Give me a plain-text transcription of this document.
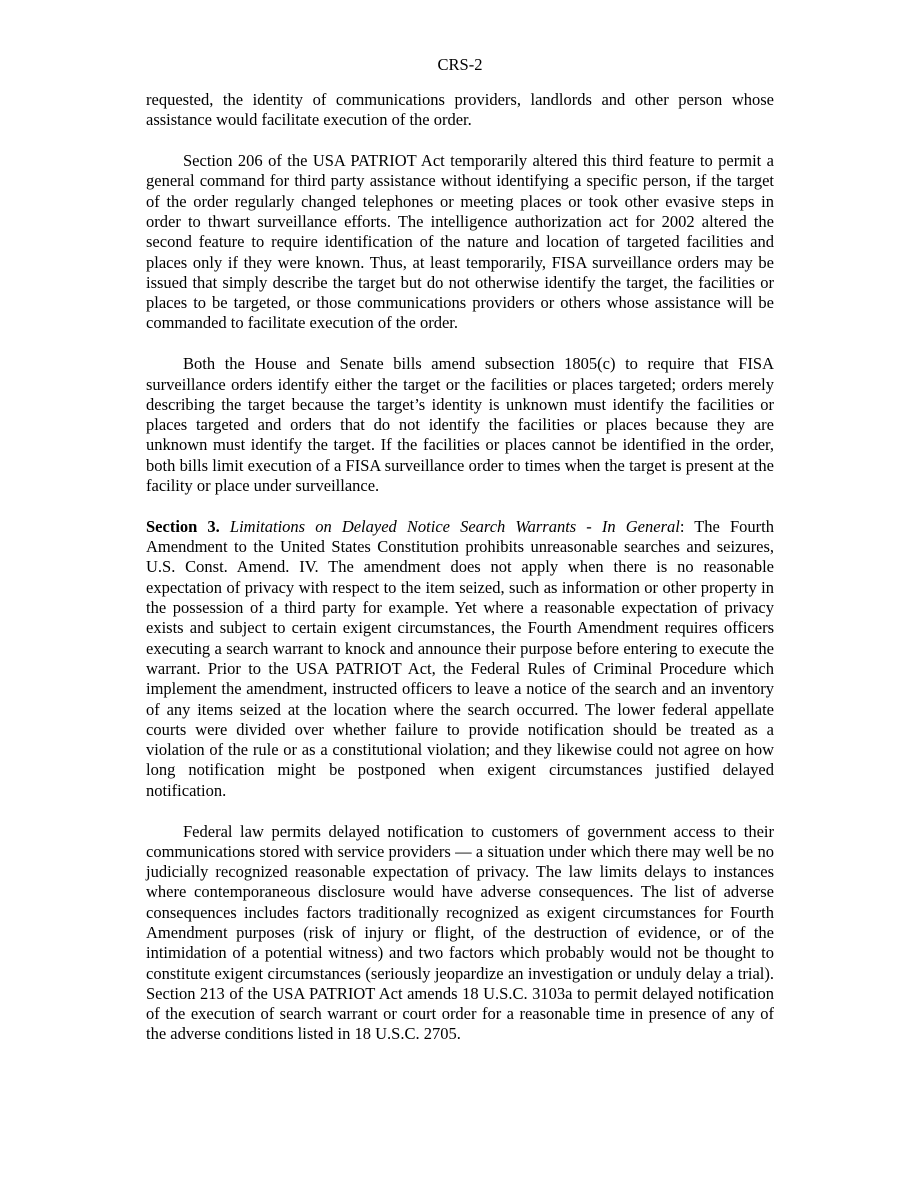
CRS-2

requested, the identity of communications providers, landlords and other person whose assistance would facilitate execution of the order.

Section 206 of the USA PATRIOT Act temporarily altered this third feature to permit a general command for third party assistance without identifying a specific person, if the target of the order regularly changed telephones or meeting places or took other evasive steps in order to thwart surveillance efforts. The intelligence authorization act for 2002 altered the second feature to require identification of the nature and location of targeted facilities and places only if they were known. Thus, at least temporarily, FISA surveillance orders may be issued that simply describe the target but do not otherwise identify the target, the facilities or places to be targeted, or those communications providers or others whose assistance will be commanded to facilitate execution of the order.

Both the House and Senate bills amend subsection 1805(c) to require that FISA surveillance orders identify either the target or the facilities or places targeted; orders merely describing the target because the target’s identity is unknown must identify the facilities or places targeted and orders that do not identify the facilities or places because they are unknown must identify the target. If the facilities or places cannot be identified in the order, both bills limit execution of a FISA surveillance order to times when the target is present at the facility or place under surveillance.

Section 3. Limitations on Delayed Notice Search Warrants - In General: The Fourth Amendment to the United States Constitution prohibits unreasonable searches and seizures, U.S. Const. Amend. IV. The amendment does not apply when there is no reasonable expectation of privacy with respect to the item seized, such as information or other property in the possession of a third party for example. Yet where a reasonable expectation of privacy exists and subject to certain exigent circumstances, the Fourth Amendment requires officers executing a search warrant to knock and announce their purpose before entering to execute the warrant. Prior to the USA PATRIOT Act, the Federal Rules of Criminal Procedure which implement the amendment, instructed officers to leave a notice of the search and an inventory of any items seized at the location where the search occurred. The lower federal appellate courts were divided over whether failure to provide notification should be treated as a violation of the rule or as a constitutional violation; and they likewise could not agree on how long notification might be postponed when exigent circumstances justified delayed notification.

Federal law permits delayed notification to customers of government access to their communications stored with service providers — a situation under which there may well be no judicially recognized reasonable expectation of privacy. The law limits delays to instances where contemporaneous disclosure would have adverse consequences. The list of adverse consequences includes factors traditionally recognized as exigent circumstances for Fourth Amendment purposes (risk of injury or flight, of the destruction of evidence, or of the intimidation of a potential witness) and two factors which probably would not be thought to constitute exigent circumstances (seriously jeopardize an investigation or unduly delay a trial). Section 213 of the USA PATRIOT Act amends 18 U.S.C. 3103a to permit delayed notification of the execution of search warrant or court order for a reasonable time in presence of any of the adverse conditions listed in 18 U.S.C. 2705.
